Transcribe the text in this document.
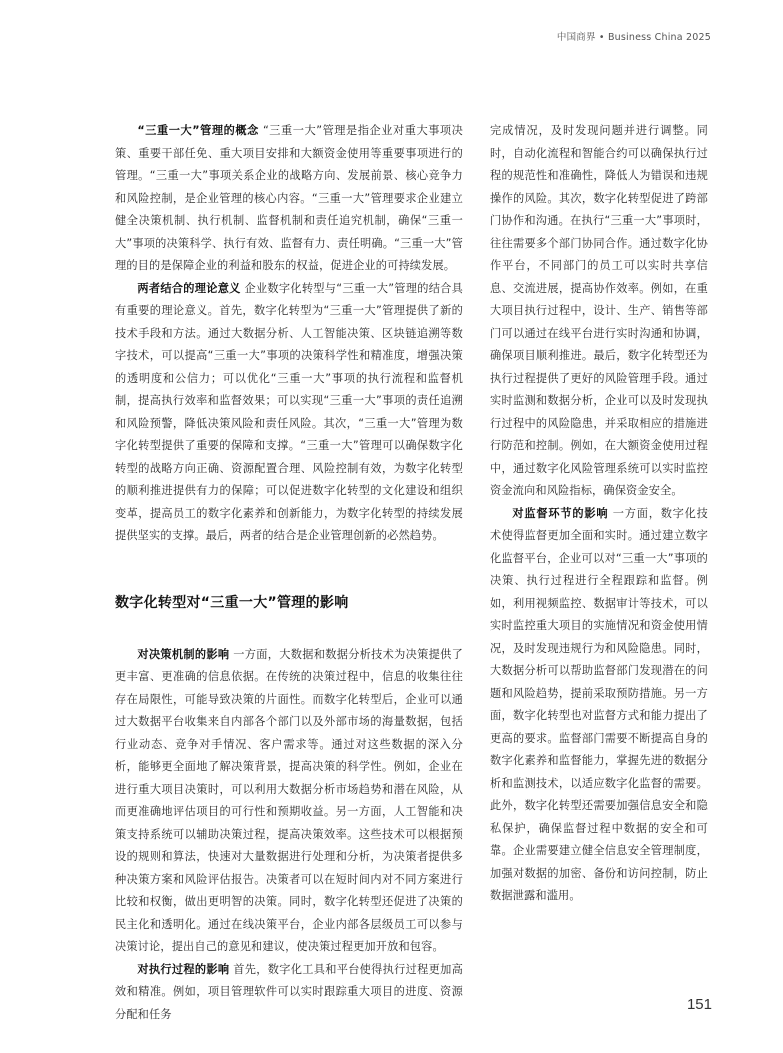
中国商界 • Business China 2025

“三重一大”管理的概念 “三重一大”管理是指企业对重大事项决策、重要干部任免、重大项目安排和大额资金使用等重要事项进行的管理。“三重一大”事项关系企业的战略方向、发展前景、核心竞争力和风险控制，是企业管理的核心内容。“三重一大”管理要求企业建立健全决策机制、执行机制、监督机制和责任追究机制，确保“三重一大”事项的决策科学、执行有效、监督有力、责任明确。“三重一大”管理的目的是保障企业的利益和股东的权益，促进企业的可持续发展。

两者结合的理论意义 企业数字化转型与“三重一大”管理的结合具有重要的理论意义。首先，数字化转型为“三重一大”管理提供了新的技术手段和方法。通过大数据分析、人工智能决策、区块链追溯等数字技术，可以提高“三重一大”事项的决策科学性和精准度，增强决策的透明度和公信力；可以优化“三重一大”事项的执行流程和监督机制，提高执行效率和监督效果；可以实现“三重一大”事项的责任追溯和风险预警，降低决策风险和责任风险。其次，“三重一大”管理为数字化转型提供了重要的保障和支撑。“三重一大”管理可以确保数字化转型的战略方向正确、资源配置合理、风险控制有效，为数字化转型的顺利推进提供有力的保障；可以促进数字化转型的文化建设和组织变革，提高员工的数字化素养和创新能力，为数字化转型的持续发展提供坚实的支撑。最后，两者的结合是企业管理创新的必然趋势。

数字化转型对“三重一大”管理的影响

对决策机制的影响 一方面，大数据和数据分析技术为决策提供了更丰富、更准确的信息依据。在传统的决策过程中，信息的收集往往存在局限性，可能导致决策的片面性。而数字化转型后，企业可以通过大数据平台收集来自内部各个部门以及外部市场的海量数据，包括行业动态、竞争对手情况、客户需求等。通过对这些数据的深入分析，能够更全面地了解决策背景，提高决策的科学性。例如，企业在进行重大项目决策时，可以利用大数据分析市场趋势和潜在风险，从而更准确地评估项目的可行性和预期收益。另一方面，人工智能和决策支持系统可以辅助决策过程，提高决策效率。这些技术可以根据预设的规则和算法，快速对大量数据进行处理和分析，为决策者提供多种决策方案和风险评估报告。决策者可以在短时间内对不同方案进行比较和权衡，做出更明智的决策。同时，数字化转型还促进了决策的民主化和透明化。通过在线决策平台，企业内部各层级员工可以参与决策讨论，提出自己的意见和建议，使决策过程更加开放和包容。

对执行过程的影响 首先，数字化工具和平台使得执行过程更加高效和精准。例如，项目管理软件可以实时跟踪重大项目的进度、资源分配和任务

完成情况，及时发现问题并进行调整。同时，自动化流程和智能合约可以确保执行过程的规范性和准确性，降低人为错误和违规操作的风险。其次，数字化转型促进了跨部门协作和沟通。在执行“三重一大”事项时，往往需要多个部门协同合作。通过数字化协作平台，不同部门的员工可以实时共享信息、交流进展，提高协作效率。例如，在重大项目执行过程中，设计、生产、销售等部门可以通过在线平台进行实时沟通和协调，确保项目顺利推进。最后，数字化转型还为执行过程提供了更好的风险管理手段。通过实时监测和数据分析，企业可以及时发现执行过程中的风险隐患，并采取相应的措施进行防范和控制。例如，在大额资金使用过程中，通过数字化风险管理系统可以实时监控资金流向和风险指标，确保资金安全。

对监督环节的影响 一方面，数字化技术使得监督更加全面和实时。通过建立数字化监督平台，企业可以对“三重一大”事项的决策、执行过程进行全程跟踪和监督。例如，利用视频监控、数据审计等技术，可以实时监控重大项目的实施情况和资金使用情况，及时发现违规行为和风险隐患。同时，大数据分析可以帮助监督部门发现潜在的问题和风险趋势，提前采取预防措施。另一方面，数字化转型也对监督方式和能力提出了更高的要求。监督部门需要不断提高自身的数字化素养和监督能力，掌握先进的数据分析和监测技术，以适应数字化监督的需要。此外，数字化转型还需要加强信息安全和隐私保护，确保监督过程中数据的安全和可靠。企业需要建立健全信息安全管理制度，加强对数据的加密、备份和访问控制，防止数据泄露和滥用。

151
